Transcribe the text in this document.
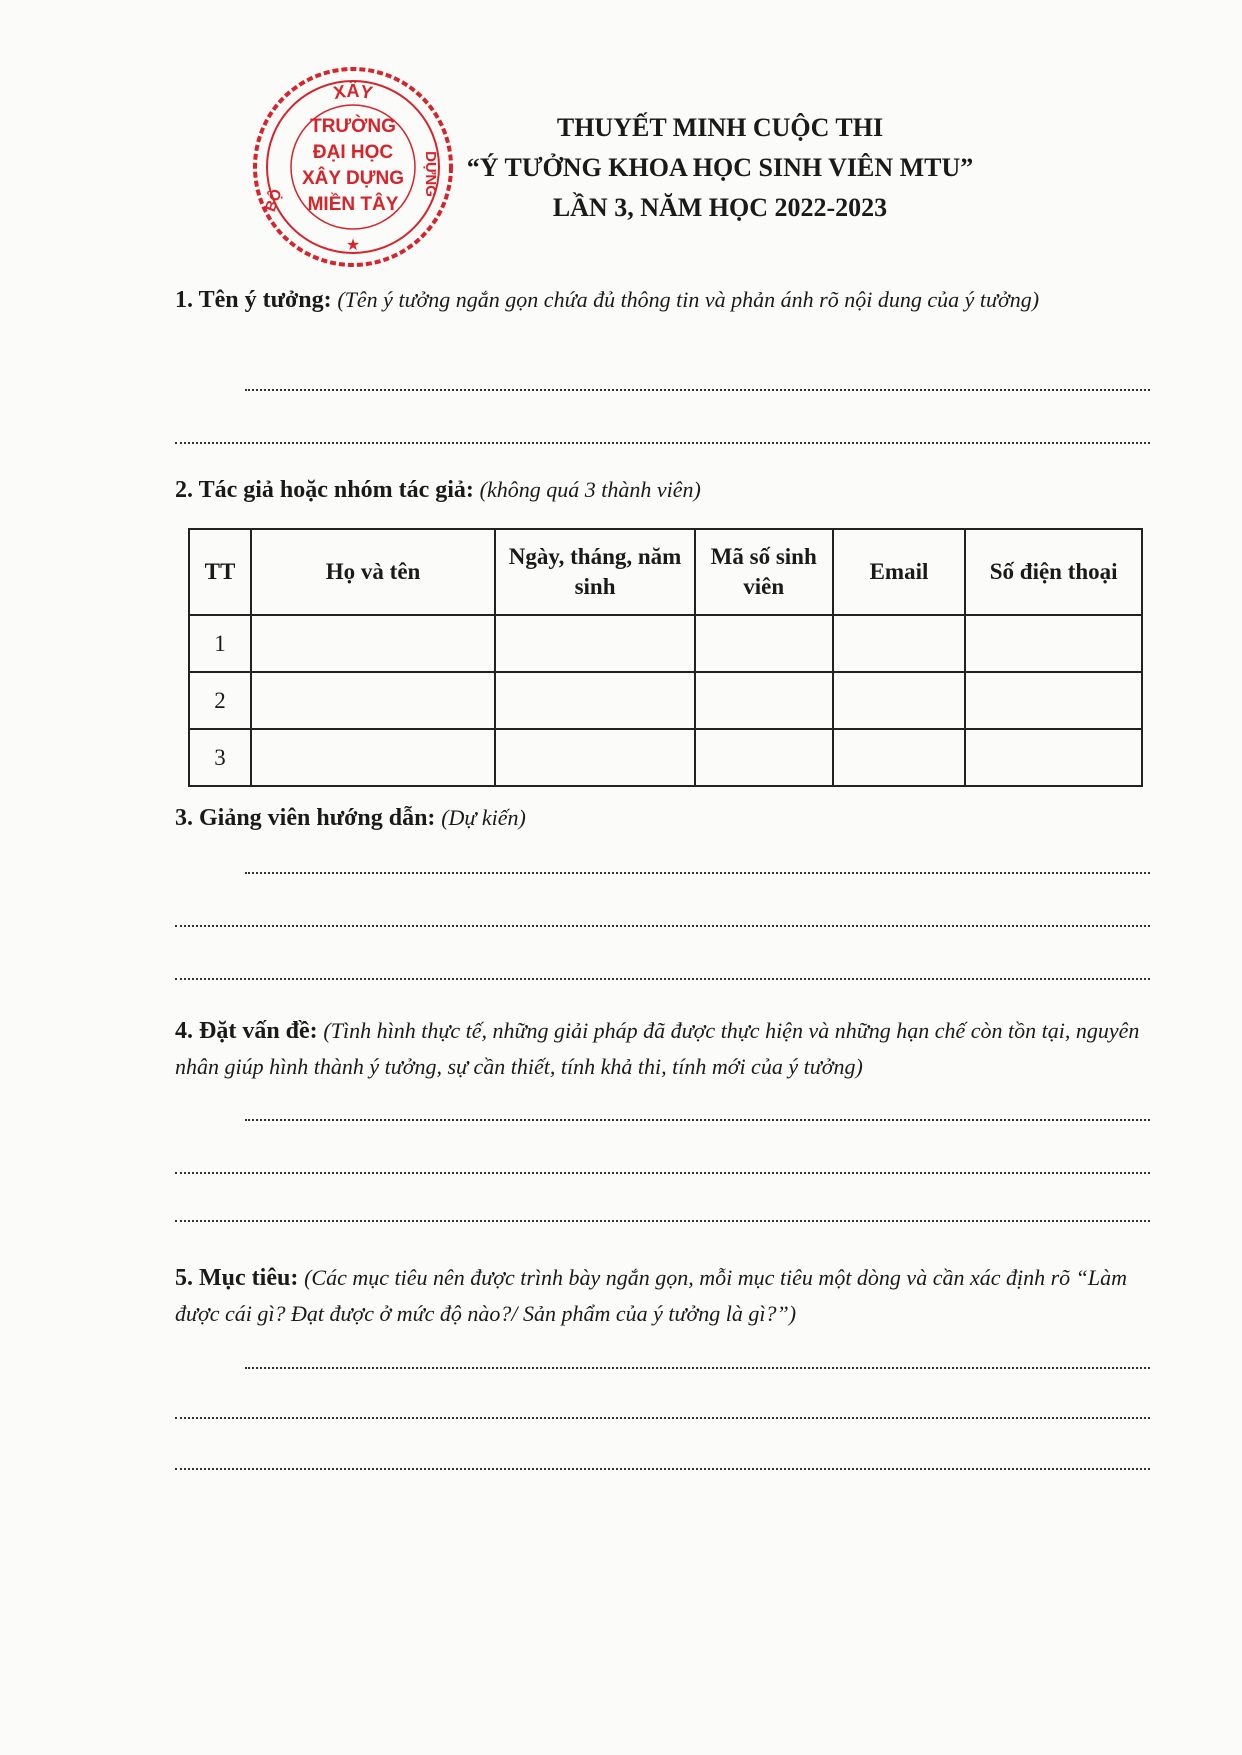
XÂY
DỰNG
BỘ
TRƯỜNG
ĐẠI HỌC
XÂY DỰNG
MIỀN TÂY
★
THUYẾT MINH CUỘC THI
“Ý TƯỞNG KHOA HỌC SINH VIÊN MTU”
LẦN 3, NĂM HỌC 2022-2023
1. Tên ý tưởng: (Tên ý tưởng ngắn gọn chứa đủ thông tin và phản ánh rõ nội dung của ý tưởng)
2. Tác giả hoặc nhóm tác giả: (không quá 3 thành viên)
TT	Họ và tên	Ngày, tháng, năm sinh	Mã số sinh viên	Email	Số điện thoại
1					
2					
3					
3. Giảng viên hướng dẫn: (Dự kiến)
4. Đặt vấn đề: (Tình hình thực tế, những giải pháp đã được thực hiện và những hạn chế còn tồn tại, nguyên nhân giúp hình thành ý tưởng, sự cần thiết, tính khả thi, tính mới của ý tưởng)
5. Mục tiêu: (Các mục tiêu nên được trình bày ngắn gọn, mỗi mục tiêu một dòng và cần xác định rõ “Làm được cái gì? Đạt được ở mức độ nào?/ Sản phẩm của ý tưởng là gì?”)
